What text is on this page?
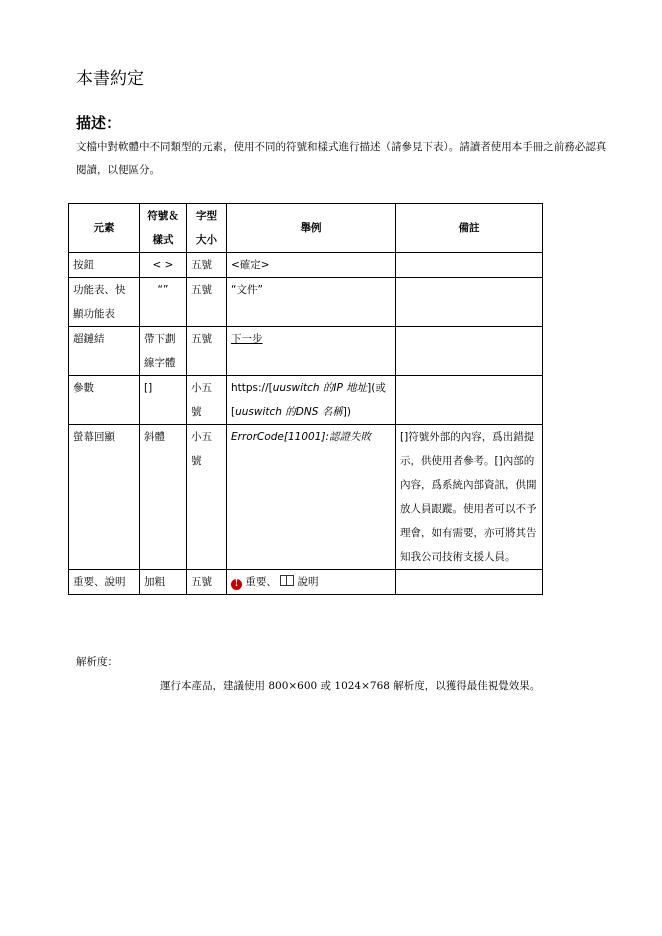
本書約定
描述：
文檔中對軟體中不同類型的元素，使用不同的符號和樣式進行描述（請參見下表）。請讀者使用本手冊之前務必認真閱讀，以便區分。
元素	符號＆樣式	字型大小	舉例	備註
按鈕	< >	五號	<確定>	
功能表、快顯功能表	“”	五號	“文件”	
超鏈結	帶下劃線字體	五號	下一步	
參數	[]	小五號	https://[uuswitch 的IP 地址](或[uuswitch 的DNS 名稱])	
螢幕回顯	斜體	小五號	ErrorCode[11001]:認證失敗	[]符號外部的內容，爲出錯提示，供使用者參考。[]內部的內容，爲系統內部資訊，供開放人員跟蹤。使用者可以不予理會，如有需要，亦可將其告知我公司技術支援人員。
重要、說明	加粗	五號	! 重要、 說明	
解析度：
運行本產品，建議使用 800×600 或 1024×768 解析度，以獲得最佳視覺效果。
